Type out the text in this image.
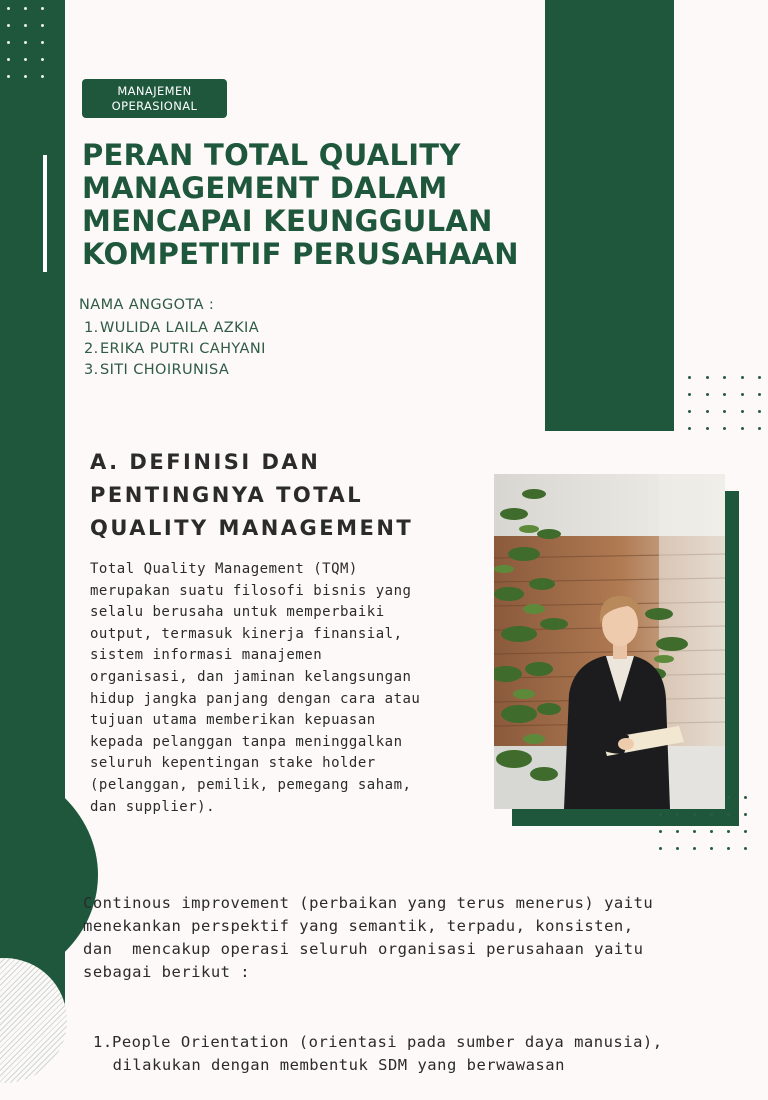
MANAJEMEN
OPERASIONAL
PERAN TOTAL QUALITY
MANAGEMENT DALAM
MENCAPAI KEUNGGULAN
KOMPETITIF PERUSAHAAN
NAMA ANGGOTA :
1.WULIDA LAILA AZKIA
2.ERIKA PUTRI CAHYANI
3.SITI CHOIRUNISA
A. DEFINISI DAN
PENTINGNYA TOTAL
QUALITY MANAGEMENT

Total Quality Management (TQM)
merupakan suatu filosofi bisnis yang
selalu berusaha untuk memperbaiki
output, termasuk kinerja finansial,
sistem informasi manajemen
organisasi, dan jaminan kelangsungan
hidup jangka panjang dengan cara atau
tujuan utama memberikan kepuasan
kepada pelanggan tanpa meninggalkan
seluruh kepentingan stake holder
(pelanggan, pemilik, pemegang saham,
dan supplier).

Continous improvement (perbaikan yang terus menerus) yaitu
menekankan perspektif yang semantik, terpadu, konsisten,
dan  mencakup operasi seluruh organisasi perusahaan yaitu
sebagai berikut :

1.People Orientation (orientasi pada sumber daya manusia),
dilakukan dengan membentuk SDM yang berwawasan
